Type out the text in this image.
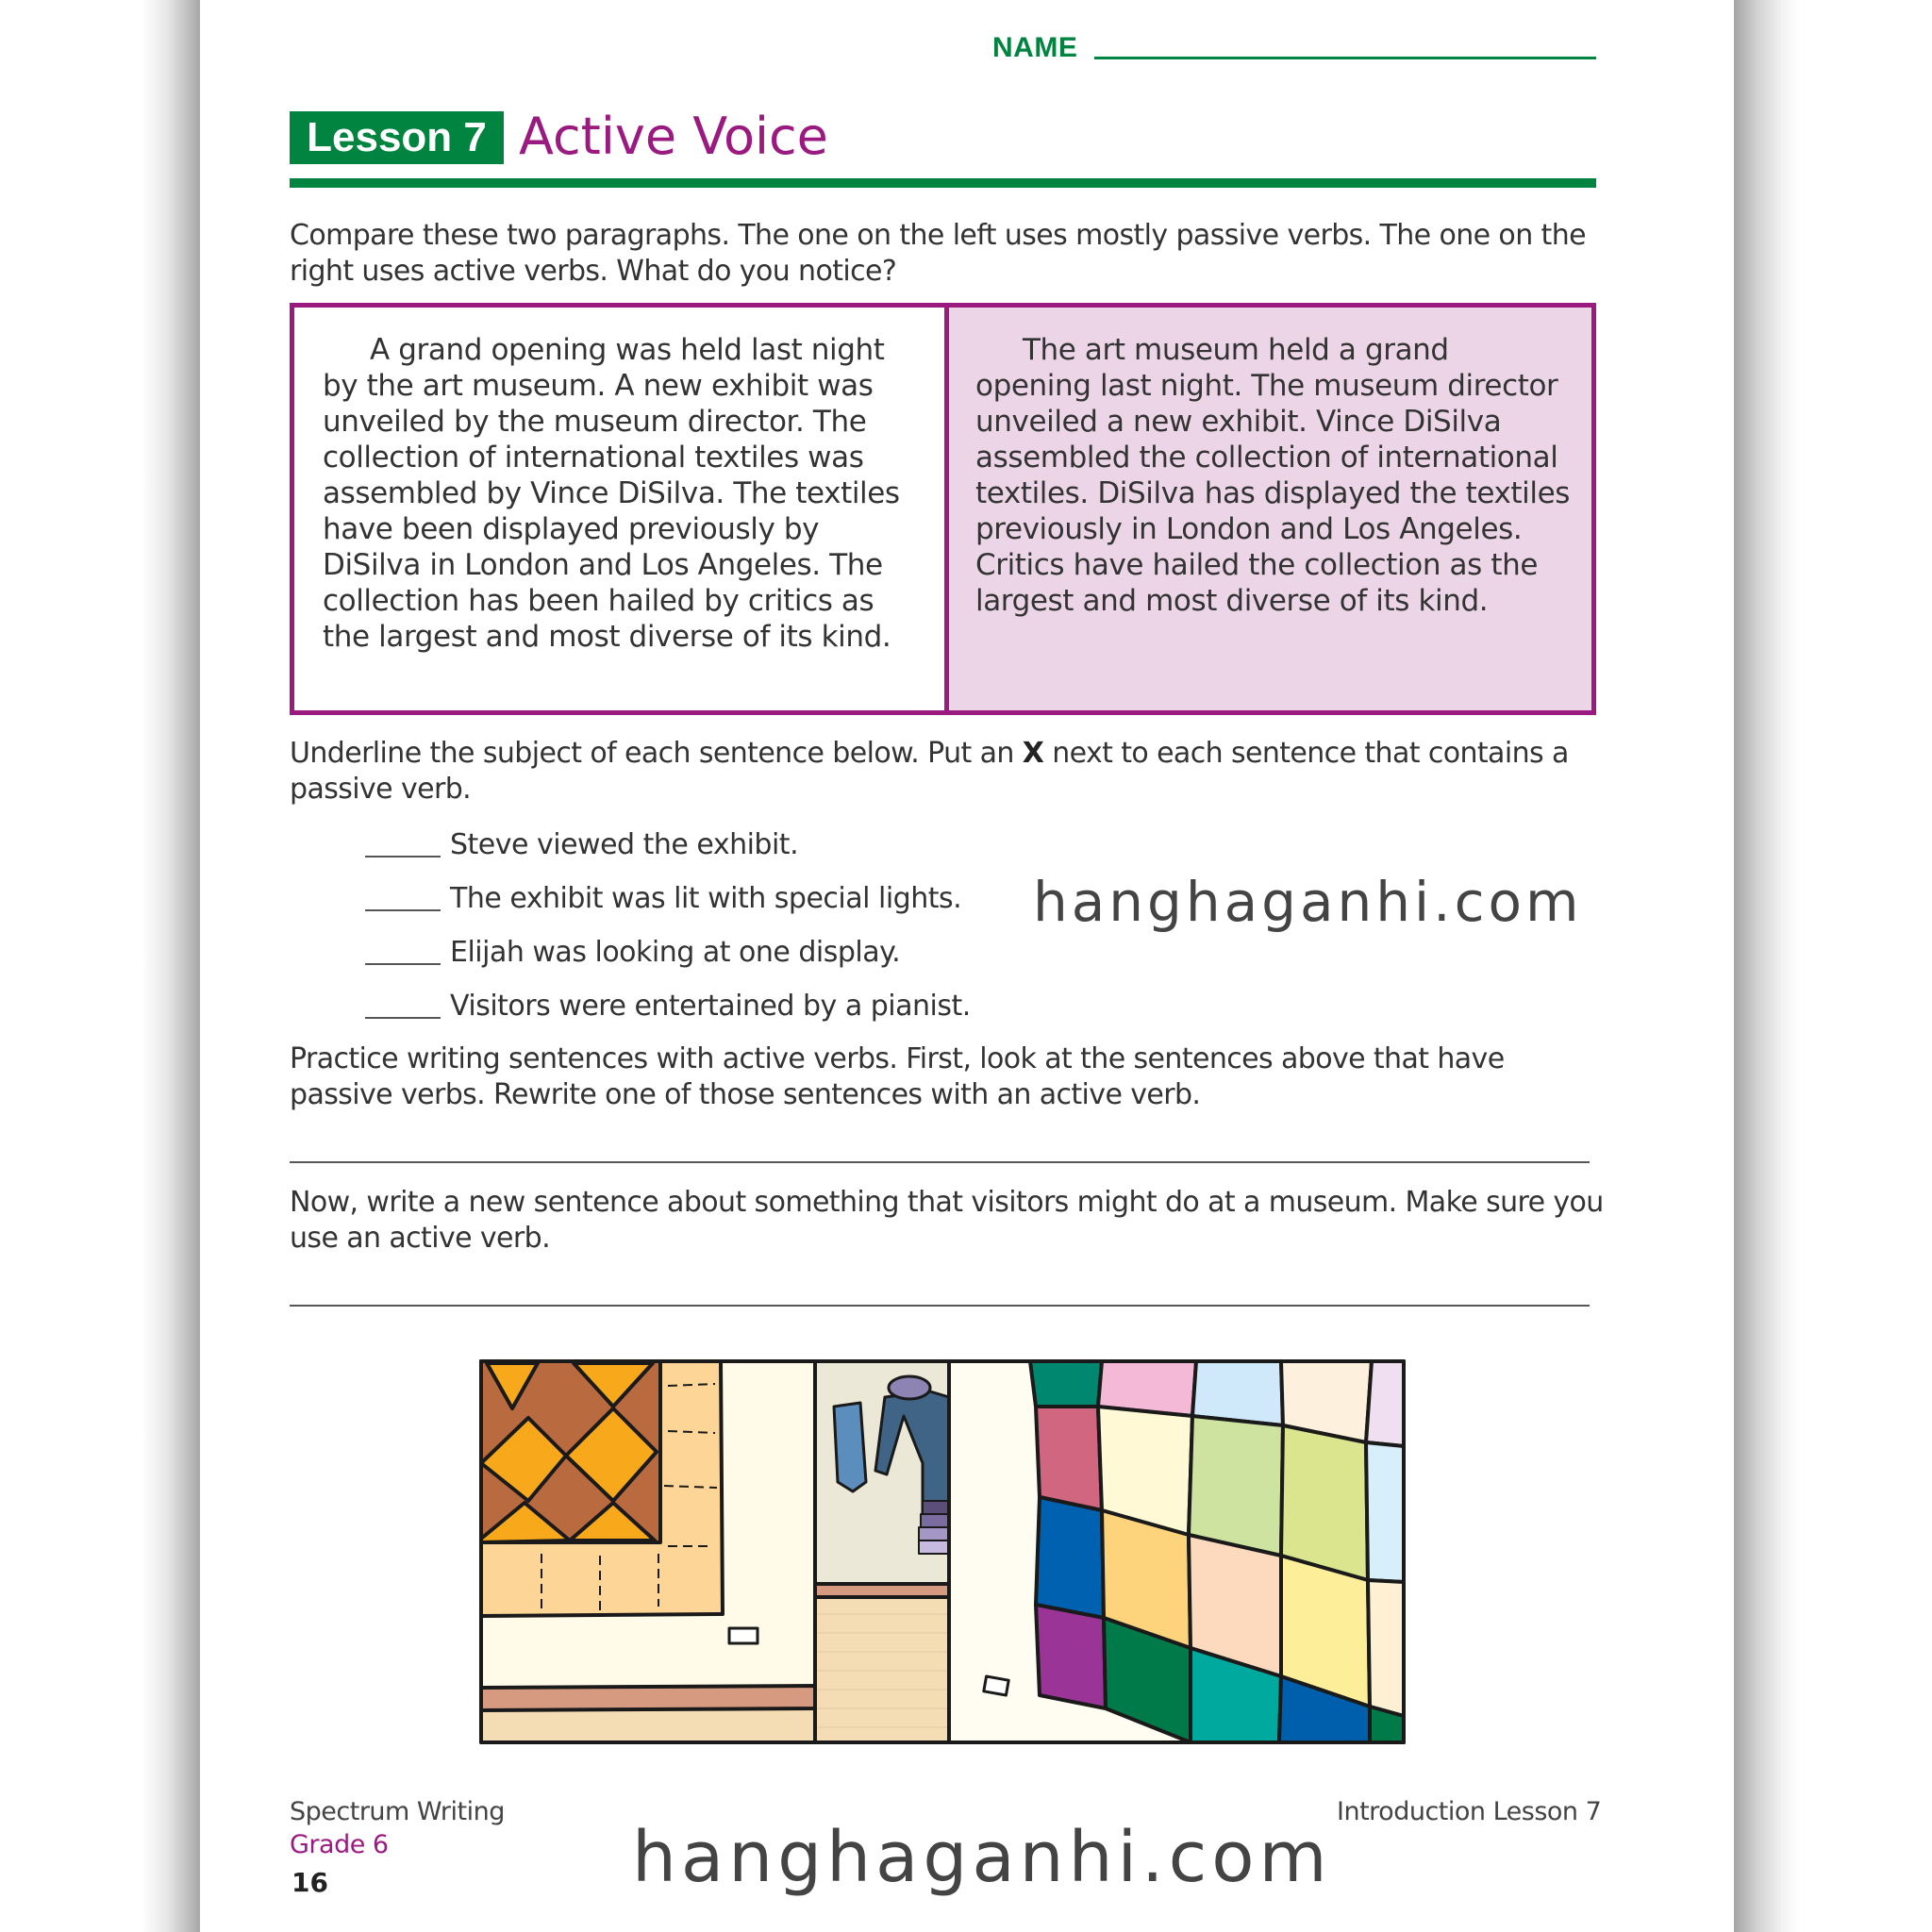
NAME
Lesson 7 Active Voice
Compare these two paragraphs. The one on the left uses mostly passive verbs. The one on the right uses active verbs. What do you notice?

A grand opening was held last night by the art museum. A new exhibit was unveiled by the museum director. The collection of international textiles was assembled by Vince DiSilva. The textiles have been displayed previously by DiSilva in London and Los Angeles. The collection has been hailed by critics as the largest and most diverse of its kind.

The art museum held a grand opening last night. The museum director unveiled a new exhibit. Vince DiSilva assembled the collection of international textiles. DiSilva has displayed the textiles previously in London and Los Angeles. Critics have hailed the collection as the largest and most diverse of its kind.

Underline the subject of each sentence below. Put an X next to each sentence that contains a passive verb.
Steve viewed the exhibit.
The exhibit was lit with special lights.
Elijah was looking at one display.
Visitors were entertained by a pianist.
hanghaganhi.com
Practice writing sentences with active verbs. First, look at the sentences above that have passive verbs. Rewrite one of those sentences with an active verb.
Now, write a new sentence about something that visitors might do at a museum. Make sure you use an active verb.
Spectrum Writing
Grade 6
16
Introduction Lesson 7
hanghaganhi.com
